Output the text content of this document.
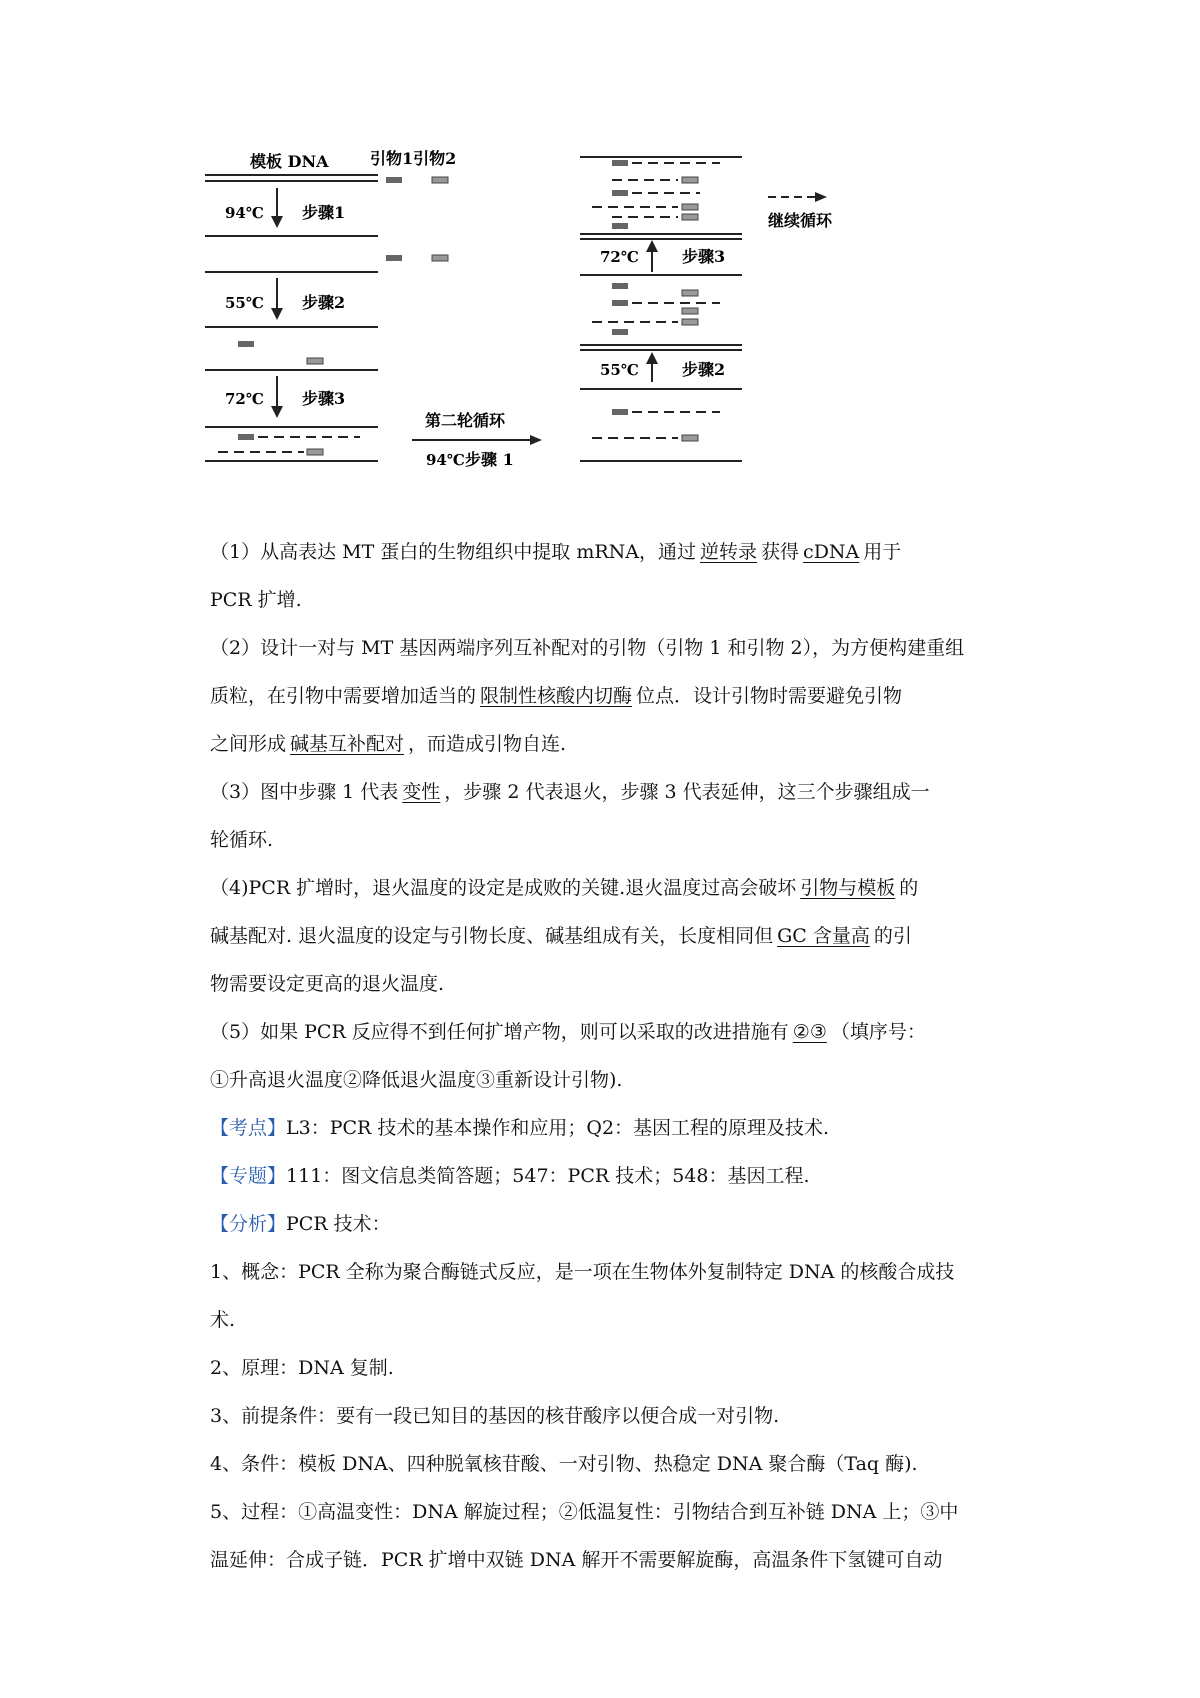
模板 DNA
94℃ 步骤1
55℃ 步骤2
72℃ 步骤3
引物1引物2
第二轮循环
94℃ 步骤 1
72℃	步骤3
55℃	步骤2
继续循环
（1）从高表达 MT 蛋白的生物组织中提取 mRNA，通过 逆转录 获得 cDNA 用于
PCR 扩增.
（2）设计一对与 MT 基因两端序列互补配对的引物（引物 1 和引物 2），为方便构建重组
质粒，在引物中需要增加适当的 限制性核酸内切酶 位点．设计引物时需要避免引物
之间形成 碱基互补配对 ，而造成引物自连.
（3）图中步骤 1 代表 变性 ，步骤 2 代表退火，步骤 3 代表延伸，这三个步骤组成一
轮循环.
（4)PCR 扩增时，退火温度的设定是成败的关键.退火温度过高会破坏 引物与模板 的
碱基配对. 退火温度的设定与引物长度、碱基组成有关，长度相同但 GC 含量高 的引
物需要设定更高的退火温度.
（5）如果 PCR 反应得不到任何扩增产物，则可以采取的改进措施有 ②③ （填序号：
①升高退火温度②降低退火温度③重新设计引物).
【考点】L3：PCR 技术的基本操作和应用；Q2：基因工程的原理及技术.
【专题】111：图文信息类简答题；547：PCR 技术；548：基因工程.
【分析】PCR 技术：
1、概念：PCR 全称为聚合酶链式反应，是一项在生物体外复制特定 DNA 的核酸合成技
术.
2、原理：DNA 复制.
3、前提条件：要有一段已知目的基因的核苷酸序以便合成一对引物.
4、条件：模板 DNA、四种脱氧核苷酸、一对引物、热稳定 DNA 聚合酶（Taq 酶).
5、过程：①高温变性：DNA 解旋过程；②低温复性：引物结合到互补链 DNA 上；③中
温延伸：合成子链．PCR 扩增中双链 DNA 解开不需要解旋酶，高温条件下氢键可自动
